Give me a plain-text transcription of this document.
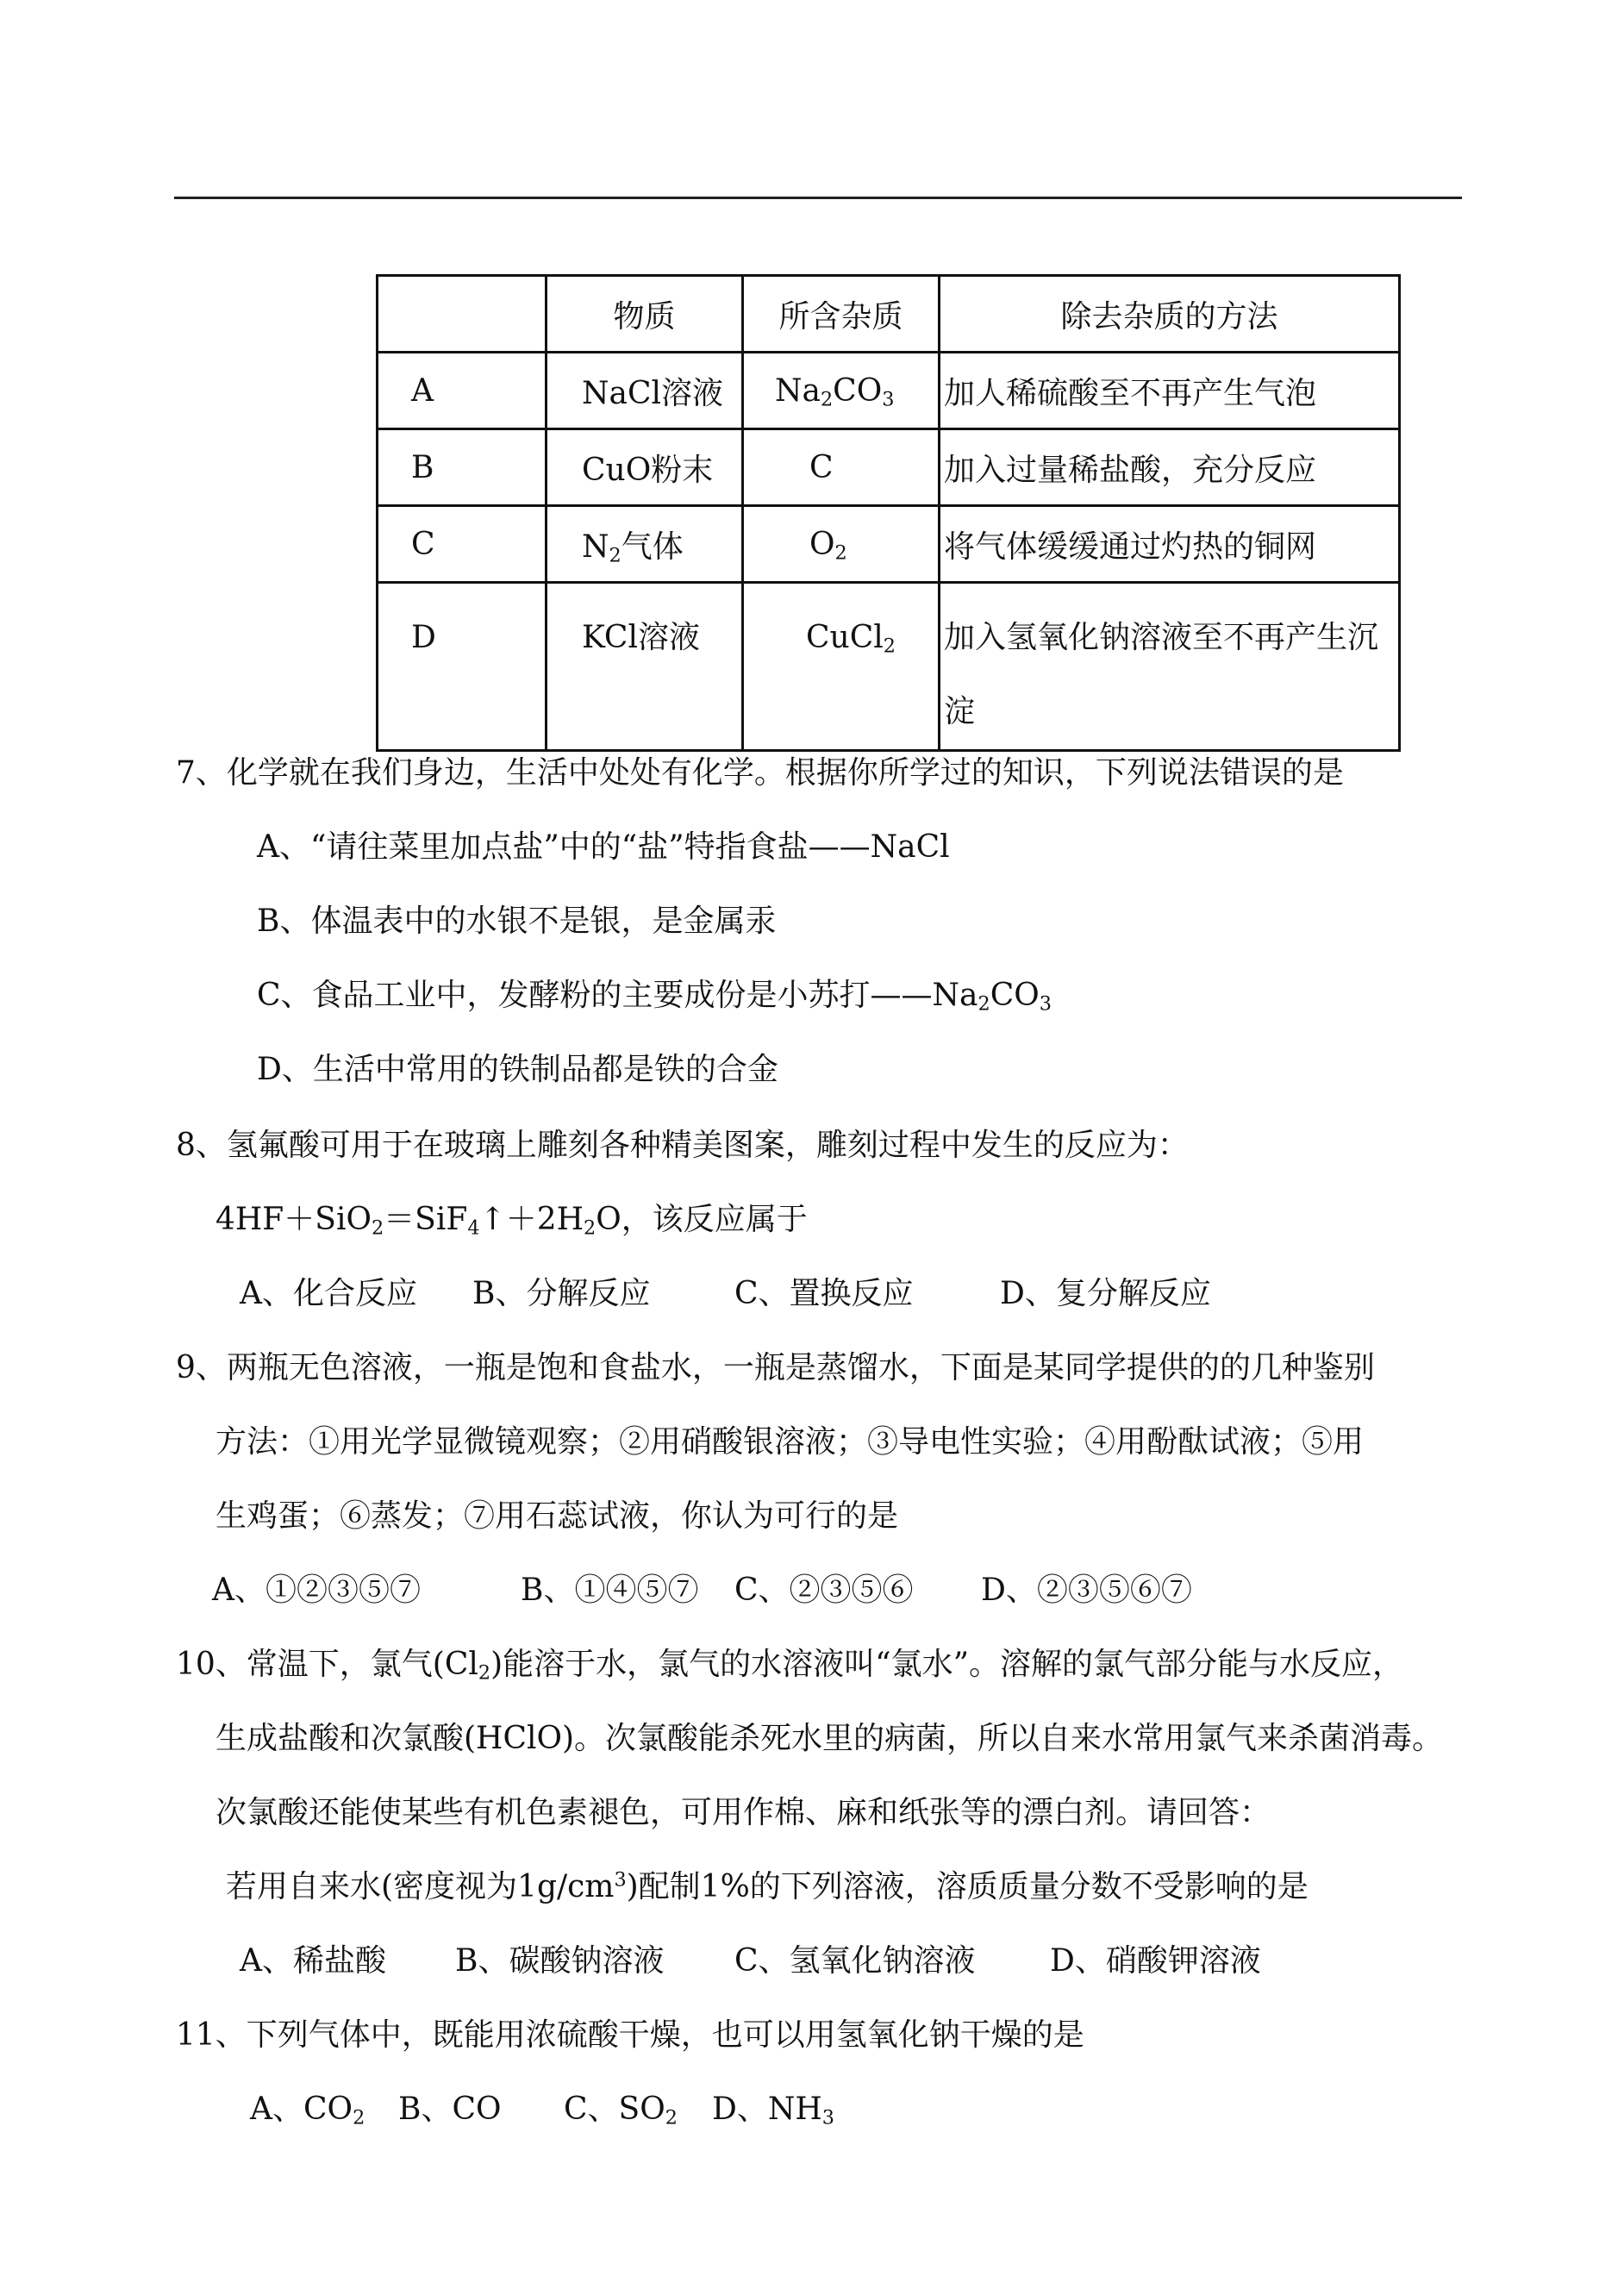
	物质	所含杂质	除去杂质的方法
A	NaCl溶液	$Na_2CO_3$	加人稀硫酸至不再产生气泡
B	CuO粉末	C	加入过量稀盐酸，充分反应
C	$N_2$气体	$O_2$	将气体缓缓通过灼热的铜网
D	KCl溶液	CuCl$_2$	加入氢氧化钠溶液至不再产生沉淀
7、化学就在我们身边，生活中处处有化学。根据你所学过的知识，下列说法错误的是
A、“请往菜里加点盐”中的“盐”特指食盐——NaCl
B、体温表中的水银不是银，是金属汞
C、食品工业中，发酵粉的主要成份是小苏打$——Na_2CO_3$
D、生活中常用的铁制品都是铁的合金
8、氢氟酸可用于在玻璃上雕刻各种精美图案，雕刻过程中发生的反应为：
$4HF+SiO_2=SiF_4↑+2H_2O$，该反应属于
A、化合反应 B、分解反应	C、置换反应	D、复分解反应
9、两瓶无色溶液，一瓶是饱和食盐水，一瓶是蒸馏水，下面是某同学提供的的几种鉴别
方法：①用光学显微镜观察；②用硝酸银溶液；③导电性实验；④用酚酞试液；⑤用
生鸡蛋；⑥蒸发；⑦用石蕊试液，你认为可行的是
A、①②③⑤⑦	B、①④⑤⑦ C、②③⑤⑥ D、②③⑤⑥⑦
10、常温下，氯气$(Cl_2)$能溶于水，氯气的水溶液叫“氯水”。溶解的氯气部分能与水反应，
生成盐酸和次氯酸(HClO)。次氯酸能杀死水里的病菌，所以自来水常用氯气来杀菌消毒。
次氯酸还能使某些有机色素褪色，可用作棉、麻和纸张等的漂白剂。请回答：
若用自来水(密度视为$1g/cm^3$)配制1%的下列溶液，溶质质量分数不受影响的是
A、稀盐酸 B、碳酸钠溶液 C、氢氧化钠溶液 D、硝酸钾溶液
11、下列气体中，既能用浓硫酸干燥，也可以用氢氧化钠干燥的是
A、$CO_2$ B、CO C、$SO_2$ D、$NH_3$
